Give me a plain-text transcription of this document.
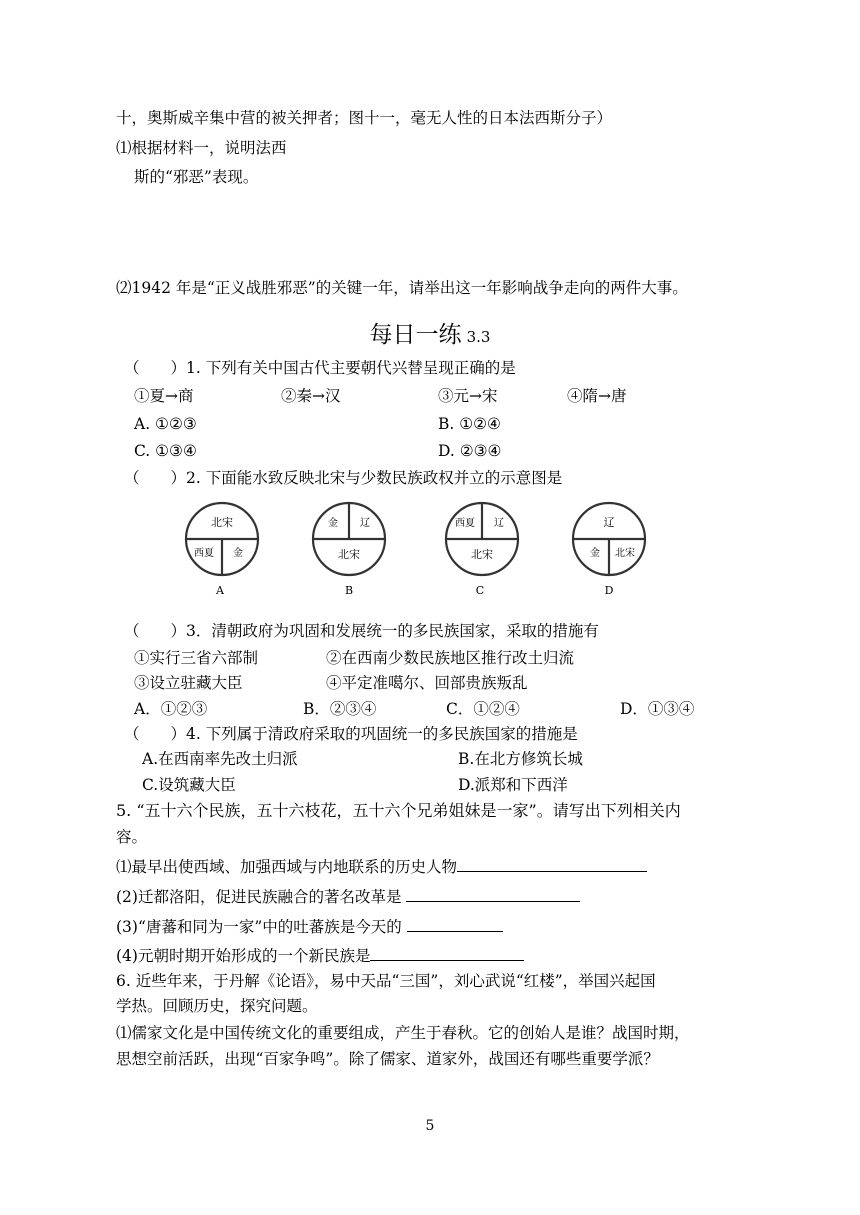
十，奥斯威辛集中营的被关押者；图十一，毫无人性的日本法西斯分子）
⑴根据材料一，说明法西
斯的“邪恶”表现。
⑵1942 年是“正义战胜邪恶”的关键一年，请举出这一年影响战争走向的两件大事。
每日一练 3.3
（　　）1. 下列有关中国古代主要朝代兴替呈现正确的是
①夏→商	②秦→汉	③元→宋	④隋→唐
A. ①②③	B. ①②④
C. ①③④	D. ②③④
（　　）2. 下面能水致反映北宋与少数民族政权并立的示意图是
北宋
西夏 金
A
金 辽
北宋
B
西夏 辽
北宋
C
辽
金 北宋
D
（　　）3．清朝政府为巩固和发展统一的多民族国家，采取的措施有
①实行三省六部制	②在西南少数民族地区推行改土归流
③设立驻藏大臣	④平定准噶尔、回部贵族叛乱
A．①②③	B．②③④	C．①②④	D．①③④
（　　）4. 下列属于清政府采取的巩固统一的多民族国家的措施是
A.在西南率先改土归派	B.在北方修筑长城
C.设筑藏大臣	D.派郑和下西洋
5. “五十六个民族，五十六枝花，五十六个兄弟姐妹是一家”。请写出下列相关内
容。
⑴最早出使西域、加强西域与内地联系的历史人物
(2)迁都洛阳，促进民族融合的著名改革是
(3)“唐蕃和同为一家”中的吐蕃族是今天的
(4)元朝时期开始形成的一个新民族是
6. 近些年来，于丹解《论语》，易中天品“三国”，刘心武说“红楼”，举国兴起国
学热。回顾历史，探究问题。
⑴儒家文化是中国传统文化的重要组成，产生于春秋。它的创始人是谁？战国时期，
思想空前活跃，出现“百家争鸣”。除了儒家、道家外，战国还有哪些重要学派？
5
